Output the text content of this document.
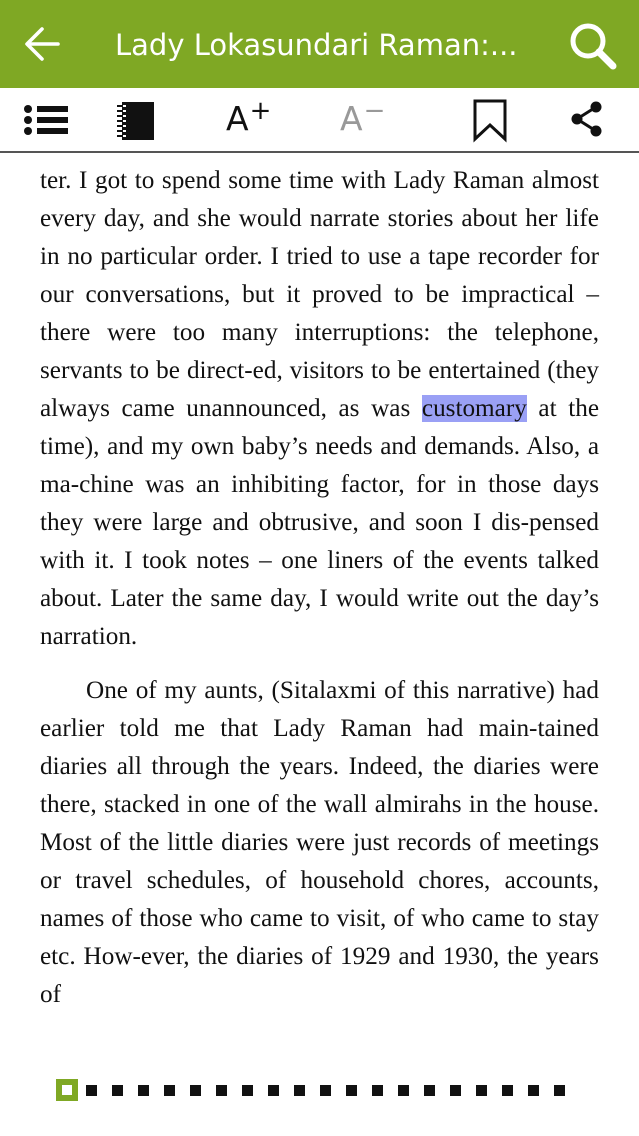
Lady Lokasundari Raman:...
A+ A−

ter. I got to spend some time with Lady Raman almost every day, and she would narrate stories about her life in no particular order. I tried to use a tape recorder for our conversations, but it proved to be impractical – there were too many interruptions: the telephone, servants to be direct-ed, visitors to be entertained (they always came unannounced, as was customary at the time), and my own baby’s needs and demands. Also, a ma-chine was an inhibiting factor, for in those days they were large and obtrusive, and soon I dis-pensed with it. I took notes – one liners of the events talked about. Later the same day, I would write out the day’s narration.

One of my aunts, (Sitalaxmi of this narrative) had earlier told me that Lady Raman had main-tained diaries all through the years. Indeed, the diaries were there, stacked in one of the wall almirahs in the house. Most of the little diaries were just records of meetings or travel schedules, of household chores, accounts, names of those who came to visit, of who came to stay etc. How-ever, the diaries of 1929 and 1930, the years of
